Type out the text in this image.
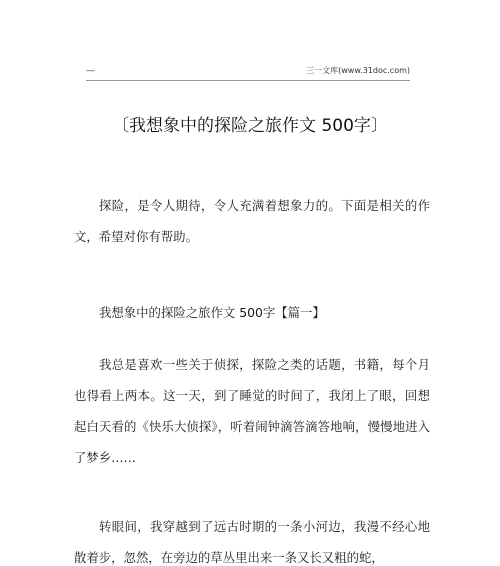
—	三一文库(www.31doc.com)
〔我想象中的探险之旅作文 500字〕

探险，是令人期待，令人充满着想象力的。下面是相关的作文，希望对你有帮助。

我想象中的探险之旅作文 500字【篇一】

我总是喜欢一些关于侦探，探险之类的话题，书籍，每个月也得看上两本。这一天，到了睡觉的时间了，我闭上了眼，回想起白天看的《快乐大侦探》，听着闹钟滴答滴答地响，慢慢地进入了梦乡……

转眼间，我穿越到了远古时期的一条小河边，我漫不经心地散着步，忽然，在旁边的草丛里出来一条又长又粗的蛇，
